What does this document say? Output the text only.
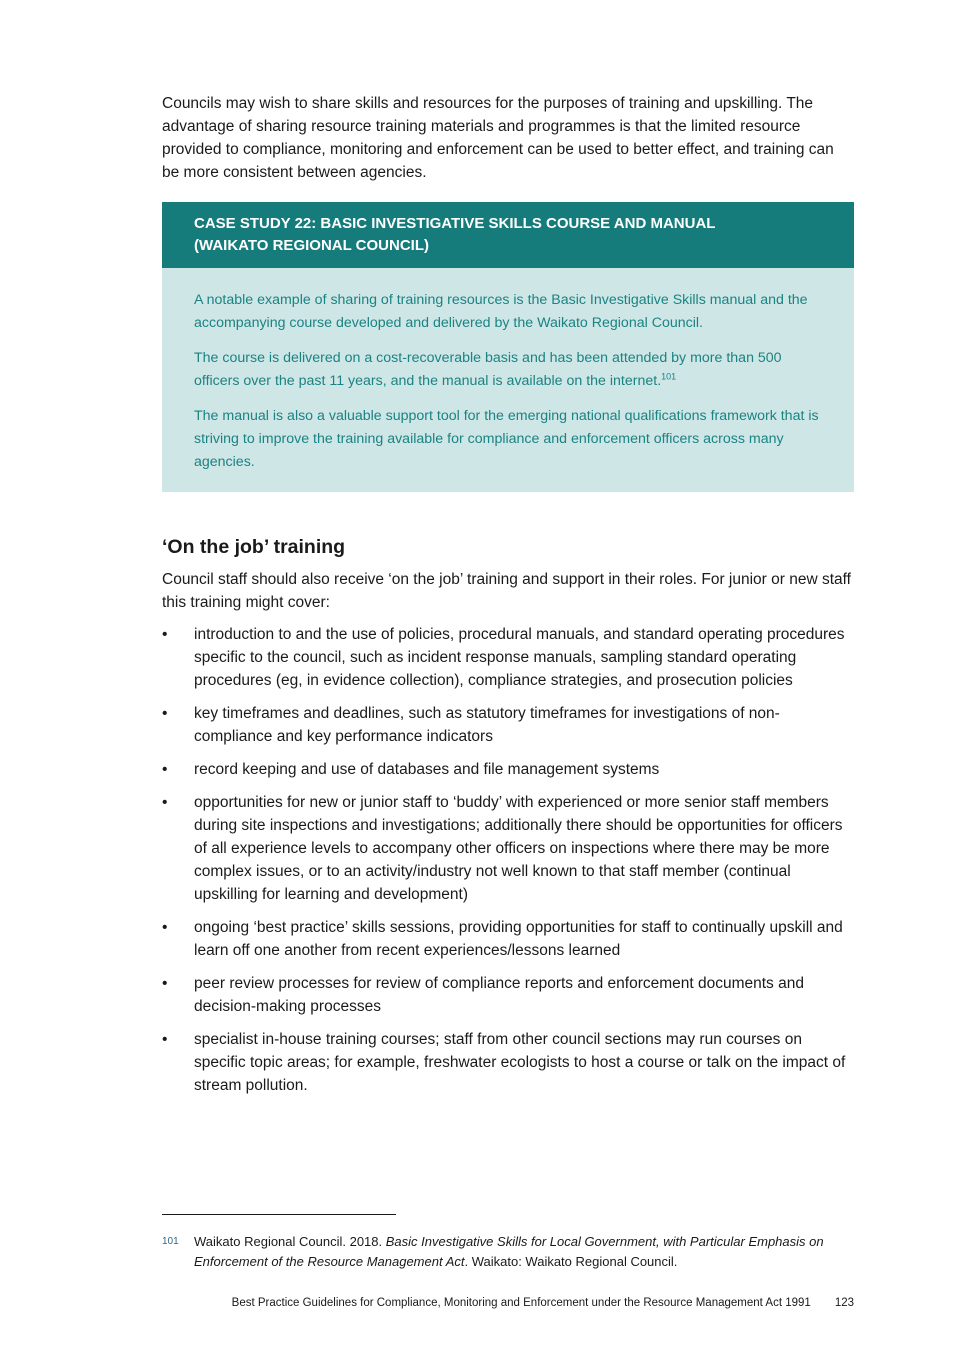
Councils may wish to share skills and resources for the purposes of training and upskilling. The advantage of sharing resource training materials and programmes is that the limited resource provided to compliance, monitoring and enforcement can be used to better effect, and training can be more consistent between agencies.

CASE STUDY 22: BASIC INVESTIGATIVE SKILLS COURSE AND MANUAL
(WAIKATO REGIONAL COUNCIL)

A notable example of sharing of training resources is the Basic Investigative Skills manual and the accompanying course developed and delivered by the Waikato Regional Council.

The course is delivered on a cost-recoverable basis and has been attended by more than 500 officers over the past 11 years, and the manual is available on the internet.$^{101}$

The manual is also a valuable support tool for the emerging national qualifications framework that is striving to improve the training available for compliance and enforcement officers across many agencies.

‘On the job’ training

Council staff should also receive ‘on the job’ training and support in their roles. For junior or new staff this training might cover:

• introduction to and the use of policies, procedural manuals, and standard operating procedures specific to the council, such as incident response manuals, sampling standard operating procedures (eg, in evidence collection), compliance strategies, and prosecution policies
• key timeframes and deadlines, such as statutory timeframes for investigations of non-compliance and key performance indicators
• record keeping and use of databases and file management systems
• opportunities for new or junior staff to ‘buddy’ with experienced or more senior staff members during site inspections and investigations; additionally there should be opportunities for officers of all experience levels to accompany other officers on inspections where there may be more complex issues, or to an activity/industry not well known to that staff member (continual upskilling for learning and development)
• ongoing ‘best practice’ skills sessions, providing opportunities for staff to continually upskill and learn off one another from recent experiences/lessons learned
• peer review processes for review of compliance reports and enforcement documents and decision-making processes
• specialist in-house training courses; staff from other council sections may run courses on specific topic areas; for example, freshwater ecologists to host a course or talk on the impact of stream pollution.
101	Waikato Regional Council. 2018. Basic Investigative Skills for Local Government, with Particular Emphasis on Enforcement of the Resource Management Act. Waikato: Waikato Regional Council.
Best Practice Guidelines for Compliance, Monitoring and Enforcement under the Resource Management Act 1991 123
